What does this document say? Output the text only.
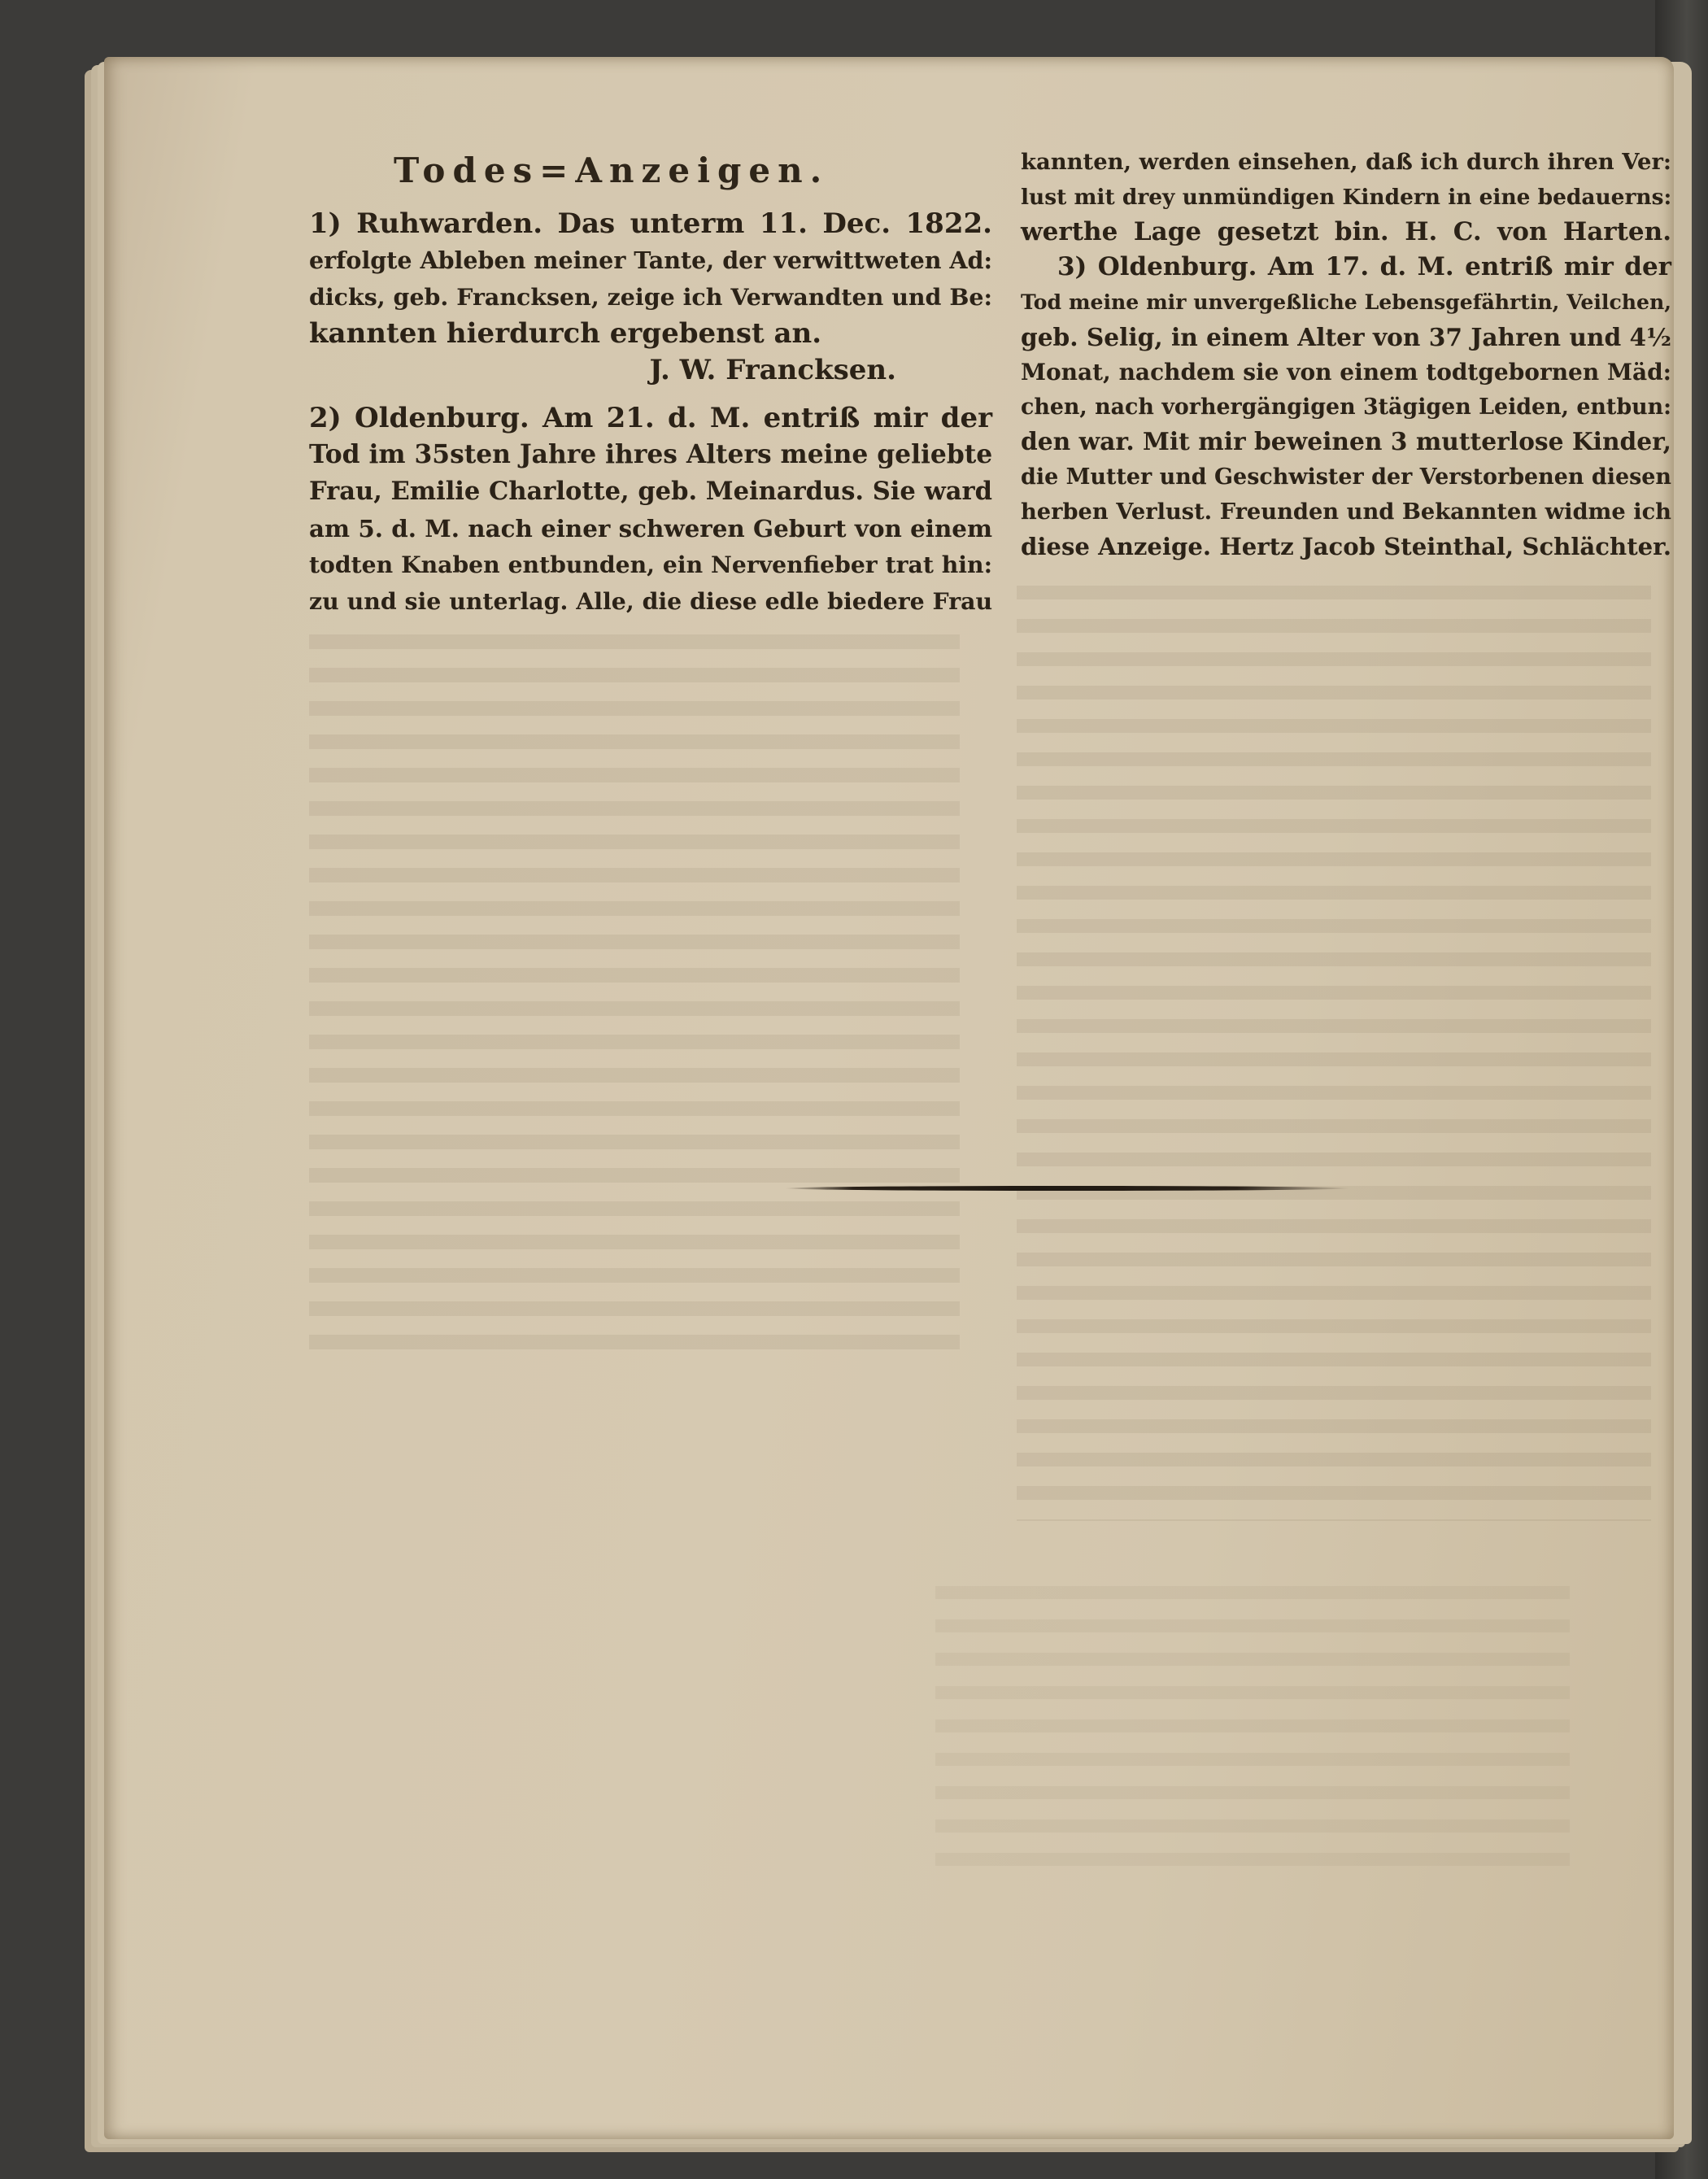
Todes=Anzeigen.
1) Ruhwarden. Das unterm 11. Dec. 1822.
erfolgte Ableben meiner Tante, der verwittweten Ad:
dicks, geb. Francksen, zeige ich Verwandten und Be:
kannten hierdurch ergebenst an.
J. W. Francksen.
2) Oldenburg. Am 21. d. M. entriß mir der
Tod im 35sten Jahre ihres Alters meine geliebte
Frau, Emilie Charlotte, geb. Meinardus. Sie ward
am 5. d. M. nach einer schweren Geburt von einem
todten Knaben entbunden, ein Nervenfieber trat hin:
zu und sie unterlag. Alle, die diese edle biedere Frau
kannten, werden einsehen, daß ich durch ihren Ver:
lust mit drey unmündigen Kindern in eine bedauerns:
werthe Lage gesetzt bin. H. C. von Harten.
3) Oldenburg. Am 17. d. M. entriß mir der
Tod meine mir unvergeßliche Lebensgefährtin, Veilchen,
geb. Selig, in einem Alter von 37 Jahren und 4½
Monat, nachdem sie von einem todtgebornen Mäd:
chen, nach vorhergängigen 3tägigen Leiden, entbun:
den war. Mit mir beweinen 3 mutterlose Kinder,
die Mutter und Geschwister der Verstorbenen diesen
herben Verlust. Freunden und Bekannten widme ich
diese Anzeige. Hertz Jacob Steinthal, Schlächter.
